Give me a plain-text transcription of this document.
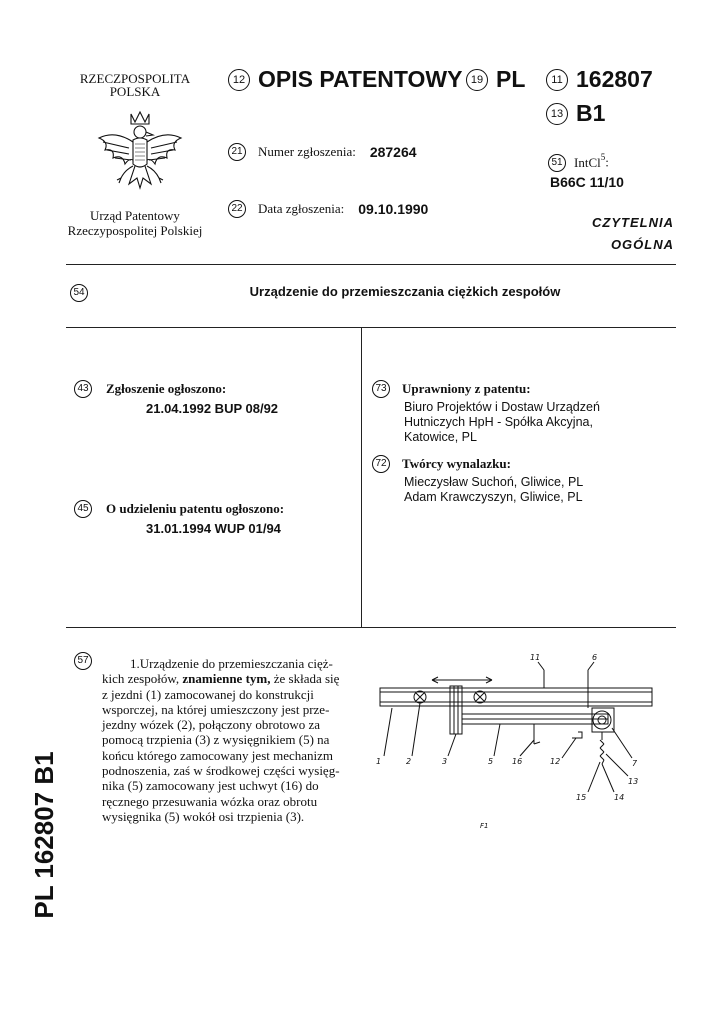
RZECZPOSPOLITA
POLSKA
Urząd Patentowy
Rzeczypospolitej Polskiej
12 OPIS PATENTOWY 19 PL	11 162807
13 B1
21 Numer zgłoszenia: 287264
22 Data zgłoszenia: 09.10.1990
51 IntCl$^5$:
B66C 11/10
CZYTELNIA
OGÓLNA
54	Urządzenie do przemieszczania ciężkich zespołów
43 Zgłoszenie ogłoszono:
21.04.1992 BUP 08/92
45 O udzieleniu patentu ogłoszono:
31.01.1994 WUP 01/94
73 Uprawniony z patentu:
Biuro Projektów i Dostaw Urządzeń
Hutniczych HpH - Spółka Akcyjna,
Katowice, PL
72 Twórcy wynalazku:
Mieczysław Suchoń, Gliwice, PL
Adam Krawczyszyn, Gliwice, PL
57	1.Urządzenie do przemieszczania cięż-
kich zespołów, znamienne tym, że składa się
z jezdni (1) zamocowanej do konstrukcji
wsporczej, na której umieszczony jest prze-
jezdny wózek (2), połączony obrotowo za
pomocą trzpienia (3) z wysięgnikiem (5) na
końcu którego zamocowany jest mechanizm
podnoszenia, zaś w środkowej części wysięg-
nika (5) zamocowany jest uchwyt (16) do
ręcznego przesuwania wózka oraz obrotu
wysięgnika (5) wokół osi trzpienia (3).
11	6
1	2	3	5 16	12	7
13
15	14
F1
PL 162807 B1
